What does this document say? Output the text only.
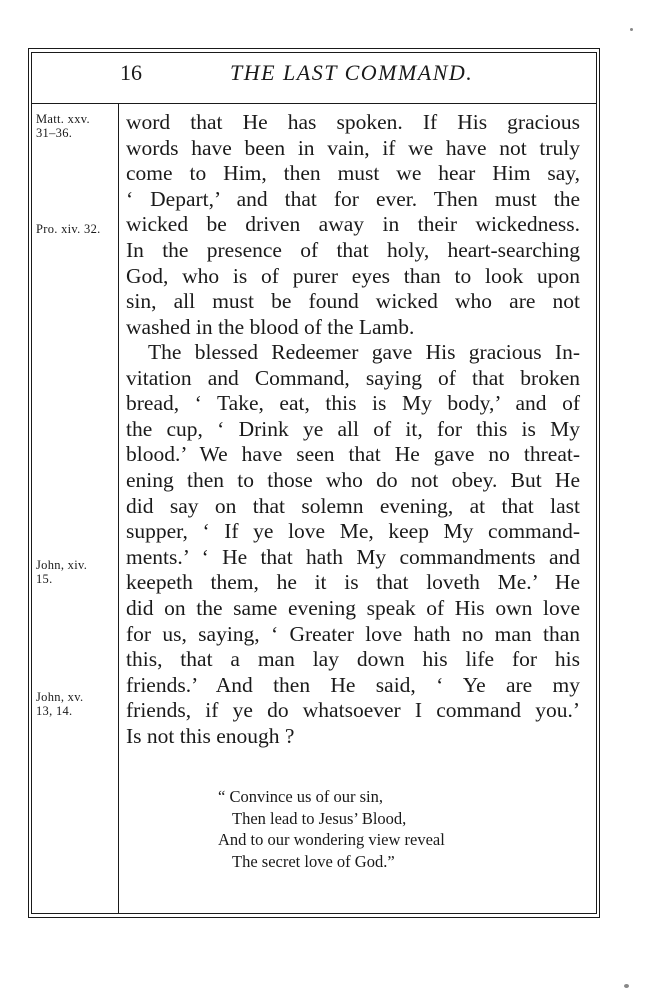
16	THE LAST COMMAND.
Matt. xxv.
31–36.
Pro. xiv. 32.
John, xiv.
15.
John, xv.
13, 14.
word that He has spoken. If His gracious
words have been in vain, if we have not truly
come to Him, then must we hear Him say,
‘ Depart,’ and that for ever. Then must the
wicked be driven away in their wickedness.
In the presence of that holy, heart-searching
God, who is of purer eyes than to look upon
sin, all must be found wicked who are not
washed in the blood of the Lamb.
The blessed Redeemer gave His gracious In-
vitation and Command, saying of that broken
bread, ‘ Take, eat, this is My body,’ and of
the cup, ‘ Drink ye all of it, for this is My
blood.’ We have seen that He gave no threat-
ening then to those who do not obey. But He
did say on that solemn evening, at that last
supper, ‘ If ye love Me, keep My command-
ments.’ ‘ He that hath My commandments and
keepeth them, he it is that loveth Me.’ He
did on the same evening speak of His own love
for us, saying, ‘ Greater love hath no man than
this, that a man lay down his life for his
friends.’ And then He said, ‘ Ye are my
friends, if ye do whatsoever I command you.’
Is not this enough ?
“ Convince us of our sin,
Then lead to Jesus’ Blood,
And to our wondering view reveal
The secret love of God.”
